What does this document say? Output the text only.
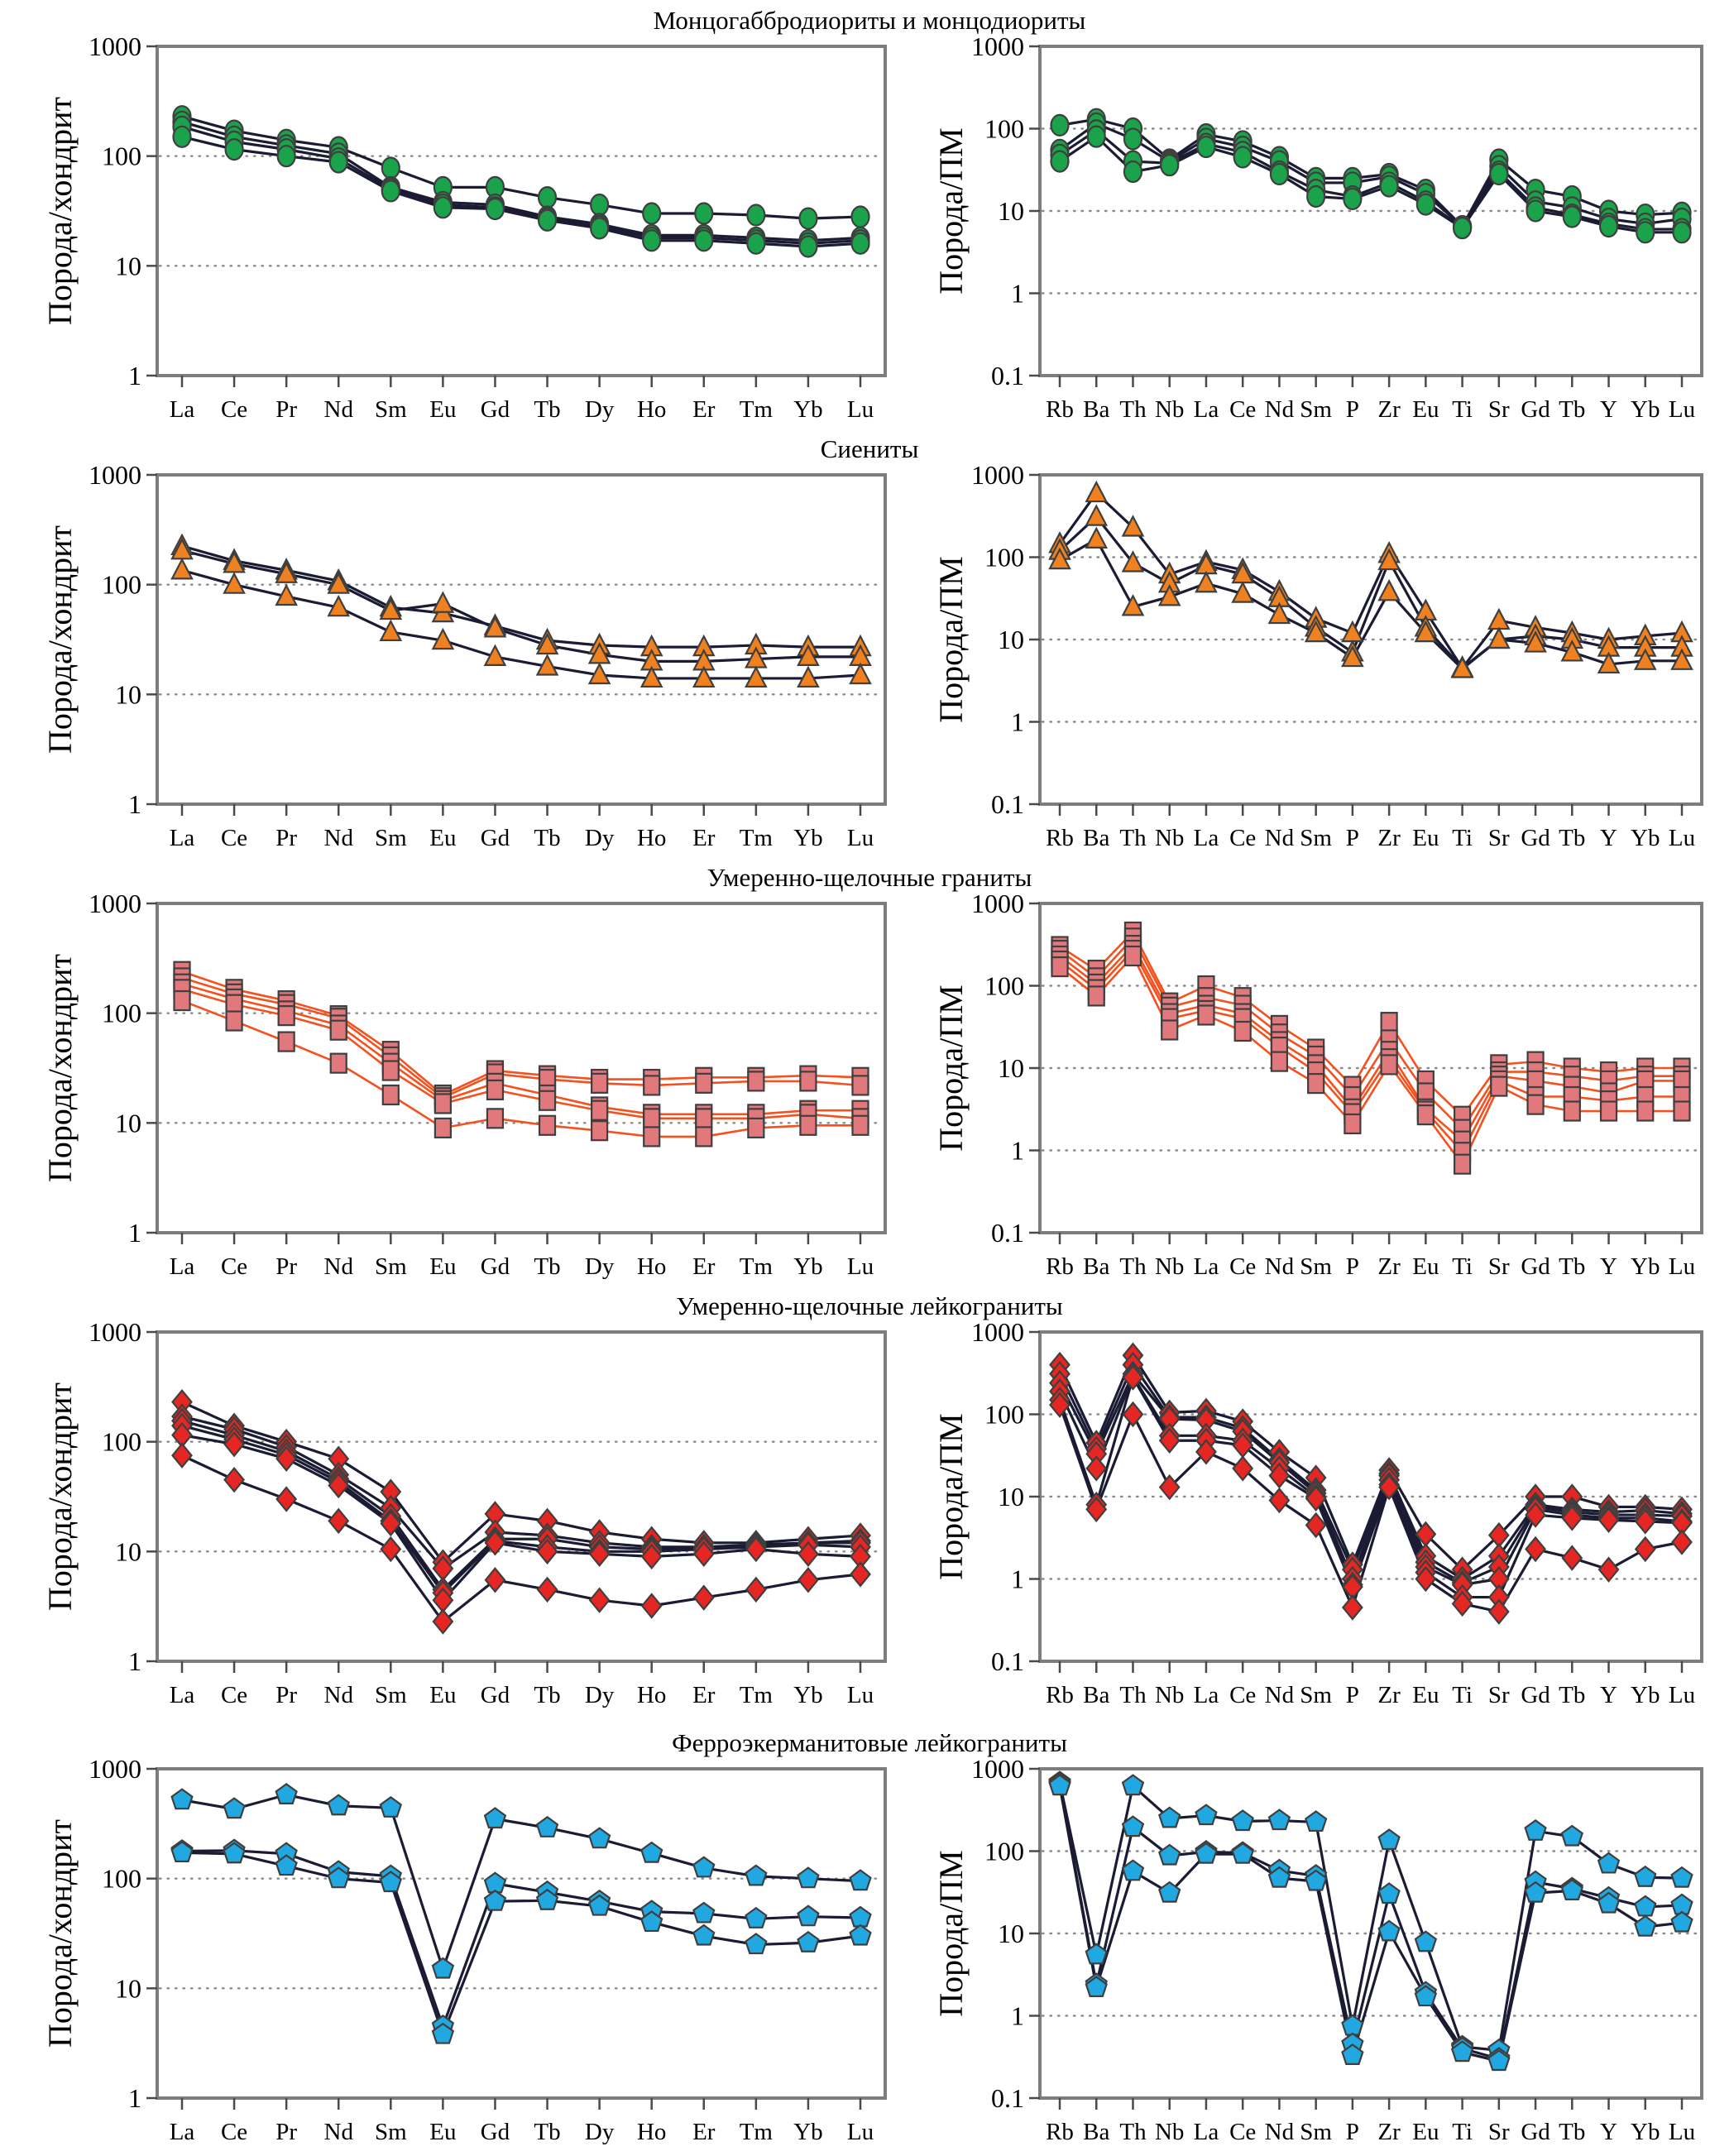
Монцогаббродиориты и монцодиориты
1000
100
10
1
La Ce Pr Nd Sm Eu Gd Tb Dy Ho Er Tm Yb Lu
Порода/хондрит
1000
100
10
1
0.1
Rb Ba Th Nb La Ce Nd Sm P Zr Eu Ti Sr Gd Tb Y Yb Lu
Порода/ПМ
Сиениты
1000
100
10
1
La Ce Pr Nd Sm Eu Gd Tb Dy Ho Er Tm Yb Lu
Порода/хондрит
1000
100
10
1
0.1
Rb Ba Th Nb La Ce Nd Sm P Zr Eu Ti Sr Gd Tb Y Yb Lu
Порода/ПМ
Умеренно-щелочные граниты
1000
100
10
1
La Ce Pr Nd Sm Eu Gd Tb Dy Ho Er Tm Yb Lu
Порода/хондрит
1000
100
10
1
0.1
Rb Ba Th Nb La Ce Nd Sm P Zr Eu Ti Sr Gd Tb Y Yb Lu
Порода/ПМ
Умеренно-щелочные лейкограниты
1000
100
10
1
La Ce Pr Nd Sm Eu Gd Tb Dy Ho Er Tm Yb Lu
Порода/хондрит
1000
100
10
1
0.1
Rb Ba Th Nb La Ce Nd Sm P Zr Eu Ti Sr Gd Tb Y Yb Lu
Порода/ПМ
Ферроэкерманитовые лейкограниты
1000
100
10
1
La Ce Pr Nd Sm Eu Gd Tb Dy Ho Er Tm Yb Lu
Порода/хондрит
1000
100
10
1
0.1
Rb Ba Th Nb La Ce Nd Sm P Zr Eu Ti Sr Gd Tb Y Yb Lu
Порода/ПМ
